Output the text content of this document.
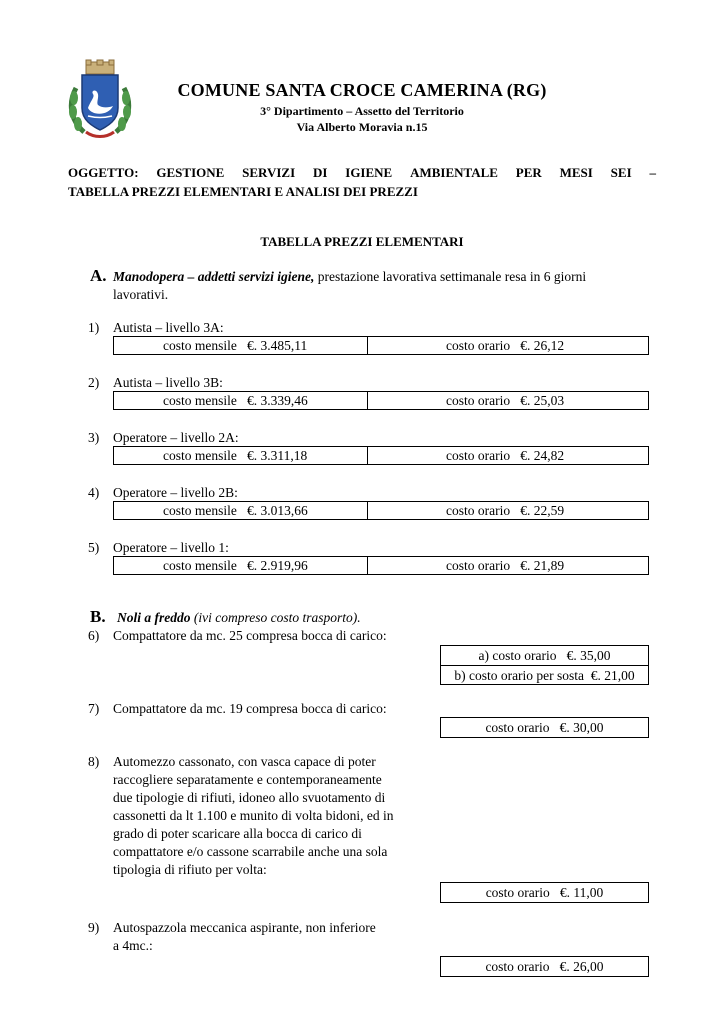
COMUNE SANTA CROCE CAMERINA (RG)
3° Dipartimento – Assetto del Territorio
Via Alberto Moravia n.15
OGGETTO: GESTIONE SERVIZI DI IGIENE AMBIENTALE PER MESI SEI –
TABELLA PREZZI ELEMENTARI E ANALISI DEI PREZZI
TABELLA PREZZI ELEMENTARI
A. Manodopera – addetti servizi igiene, prestazione lavorativa settimanale resa in 6 giorni
lavorativi.
1) Autista – livello 3A:
costo mensile   €. 3.485,11	costo orario   €. 26,12
2) Autista – livello 3B:
costo mensile   €. 3.339,46	costo orario   €. 25,03
3) Operatore – livello 2A:
costo mensile   €. 3.311,18	costo orario   €. 24,82
4) Operatore – livello 2B:
costo mensile   €. 3.013,66	costo orario   €. 22,59
5) Operatore – livello 1:
costo mensile   €. 2.919,96	costo orario   €. 21,89
B. Noli a freddo (ivi compreso costo trasporto).
6) Compattatore da mc. 25 compresa bocca di carico:
a) costo orario   €. 35,00
b) costo orario per sosta  €. 21,00
7) Compattatore da mc. 19 compresa bocca di carico:
costo orario   €. 30,00
8) Automezzo cassonato, con vasca capace di poter
raccogliere separatamente e contemporaneamente
due tipologie di rifiuti, idoneo allo svuotamento di
cassonetti da lt 1.100 e munito di volta bidoni, ed in
grado di poter scaricare alla bocca di carico di
compattatore e/o cassone scarrabile anche una sola
tipologia di rifiuto per volta:
costo orario   €. 11,00
9) Autospazzola meccanica aspirante, non inferiore
a 4mc.:
costo orario   €. 26,00
